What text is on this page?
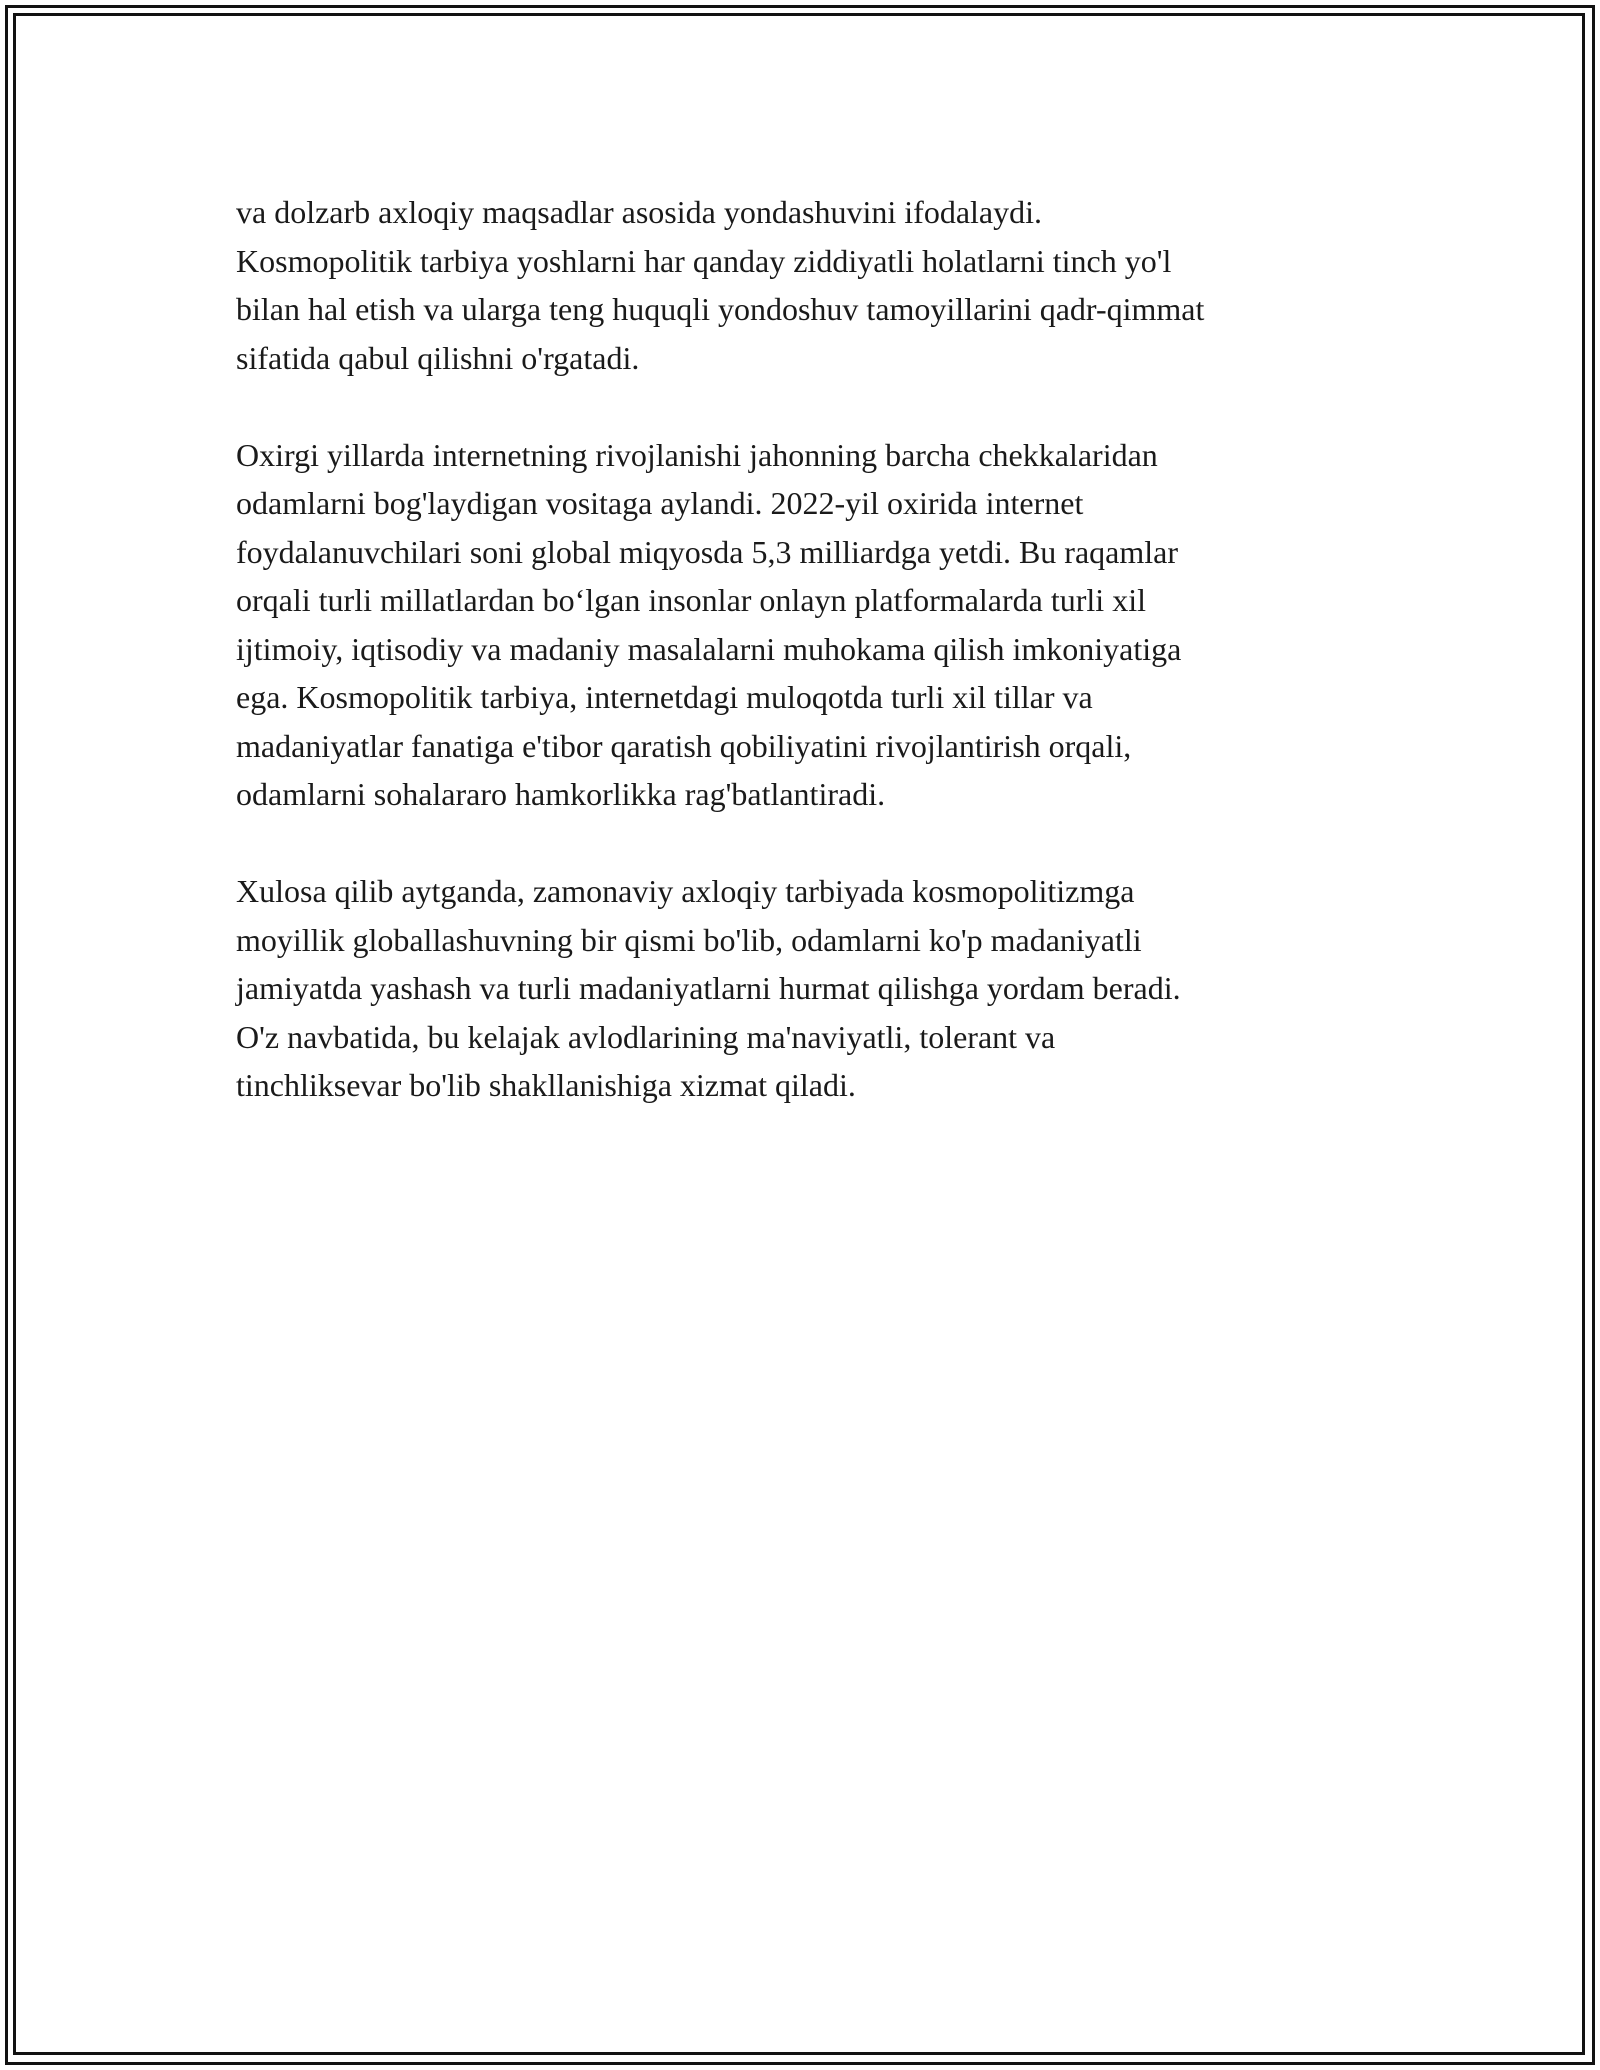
va dolzarb axloqiy maqsadlar asosida yondashuvini ifodalaydi.
Kosmopolitik tarbiya yoshlarni har qanday ziddiyatli holatlarni tinch yo'l
bilan hal etish va ularga teng huquqli yondoshuv tamoyillarini qadr-qimmat
sifatida qabul qilishni o'rgatadi.

Oxirgi yillarda internetning rivojlanishi jahonning barcha chekkalaridan
odamlarni bog'laydigan vositaga aylandi. 2022-yil oxirida internet
foydalanuvchilari soni global miqyosda 5,3 milliardga yetdi. Bu raqamlar
orqali turli millatlardan bo‘lgan insonlar onlayn platformalarda turli xil
ijtimoiy, iqtisodiy va madaniy masalalarni muhokama qilish imkoniyatiga
ega. Kosmopolitik tarbiya, internetdagi muloqotda turli xil tillar va
madaniyatlar fanatiga e'tibor qaratish qobiliyatini rivojlantirish orqali,
odamlarni sohalararo hamkorlikka rag'batlantiradi.

Xulosa qilib aytganda, zamonaviy axloqiy tarbiyada kosmopolitizmga
moyillik globallashuvning bir qismi bo'lib, odamlarni ko'p madaniyatli
jamiyatda yashash va turli madaniyatlarni hurmat qilishga yordam beradi.
O'z navbatida, bu kelajak avlodlarining ma'naviyatli, tolerant va
tinchliksevar bo'lib shakllanishiga xizmat qiladi.
